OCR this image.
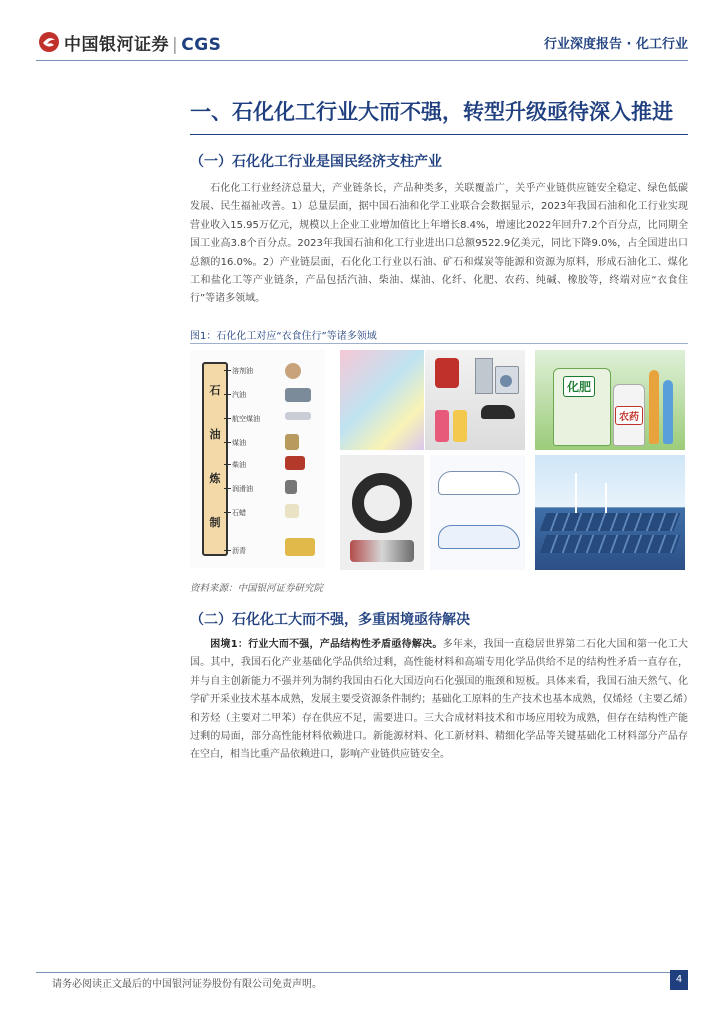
中国银河证券 | CGS	行业深度报告 · 化工行业
一、石化化工行业大而不强，转型升级亟待深入推进
（一）石化化工行业是国民经济支柱产业
  石化化工行业经济总量大，产业链条长，产品种类多，关联覆盖广，关乎产业链供应链安全稳定、绿色低碳发展、民生福祉改善。1）总量层面，据中国石油和化学工业联合会数据显示，2023年我国石油和化工行业实现营业收入15.95万亿元，规模以上企业工业增加值比上年增长8.4%，增速比2022年回升7.2个百分点，比同期全国工业高3.8个百分点。2023年我国石油和化工行业进出口总额9522.9亿美元，同比下降9.0%，占全国进出口总额的16.0%。2）产业链层面，石化化工行业以石油、矿石和煤炭等能源和资源为原料，形成石油化工、煤化工和盐化工等产业链条，产品包括汽油、柴油、煤油、化纤、化肥、农药、纯碱、橡胶等，终端对应“衣食住行”等诸多领域。
图1：石化化工对应“衣食住行”等诸多领域
石
油
炼
制
溶剂油
汽油
航空煤油
煤油
柴油
润滑油
石蜡
沥青
化肥
农药
资料来源：中国银河证券研究院
（二）石化化工大而不强，多重困境亟待解决
  困境1：行业大而不强，产品结构性矛盾亟待解决。多年来，我国一直稳居世界第二石化大国和第一化工大国。其中，我国石化产业基础化学品供给过剩，高性能材料和高端专用化学品供给不足的结构性矛盾一直存在，并与自主创新能力不强并列为制约我国由石化大国迈向石化强国的瓶颈和短板。具体来看，我国石油天然气、化学矿开采业技术基本成熟，发展主要受资源条件制约；基础化工原料的生产技术也基本成熟，仅烯烃（主要乙烯）和芳烃（主要对二甲苯）存在供应不足，需要进口。三大合成材料技术和市场应用较为成熟，但存在结构性产能过剩的局面，部分高性能材料依赖进口。新能源材料、化工新材料、精细化学品等关键基础化工材料部分产品存在空白，相当比重产品依赖进口，影响产业链供应链安全。
请务必阅读正文最后的中国银河证券股份有限公司免责声明。	4
